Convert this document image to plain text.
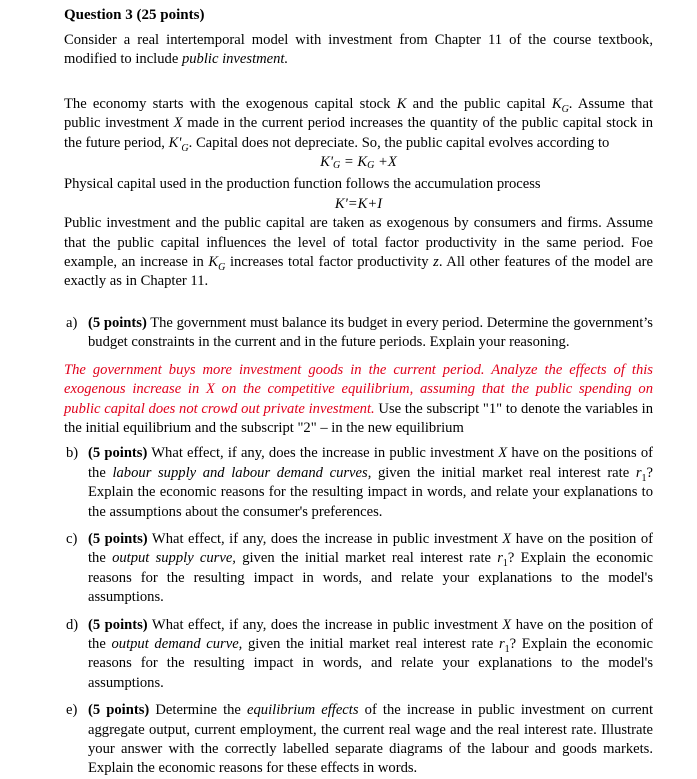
Question 3 (25 points)

Consider a real intertemporal model with investment from Chapter 11 of the course textbook, modified to include public investment.

The economy starts with the exogenous capital stock K and the public capital $K_G$. Assume that public investment X made in the current period increases the quantity of the public capital stock in the future period, $K'_G$. Capital does not depreciate. So, the public capital evolves according to

$K'_G = K_G +X$

Physical capital used in the production function follows the accumulation process

K'=K+I

Public investment and the public capital are taken as exogenous by consumers and firms. Assume that the public capital influences the level of total factor productivity in the same period. Foe example, an increase in $K_G$ increases total factor productivity z. All other features of the model are exactly as in Chapter 11.

a) (5 points) The government must balance its budget in every period. Determine the government’s budget constraints in the current and in the future periods. Explain your reasoning.

The government buys more investment goods in the current period. Analyze the effects of this exogenous increase in X on the competitive equilibrium, assuming that the public spending on public capital does not crowd out private investment. Use the subscript "1" to denote the variables in the initial equilibrium and the subscript "2" – in the new equilibrium

b) (5 points) What effect, if any, does the increase in public investment X have on the positions of the labour supply and labour demand curves, given the initial market real interest rate $r_1$? Explain the economic reasons for the resulting impact in words, and relate your explanations to the assumptions about the consumer's preferences.
c) (5 points) What effect, if any, does the increase in public investment X have on the position of the output supply curve, given the initial market real interest rate $r_1$? Explain the economic reasons for the resulting impact in words, and relate your explanations to the model's assumptions.
d) (5 points) What effect, if any, does the increase in public investment X have on the position of the output demand curve, given the initial market real interest rate $r_1$? Explain the economic reasons for the resulting impact in words, and relate your explanations to the model's assumptions.
e) (5 points) Determine the equilibrium effects of the increase in public investment on current aggregate output, current employment, the current real wage and the real interest rate. Illustrate your answer with the correctly labelled separate diagrams of the labour and goods markets. Explain the economic reasons for these effects in words.
